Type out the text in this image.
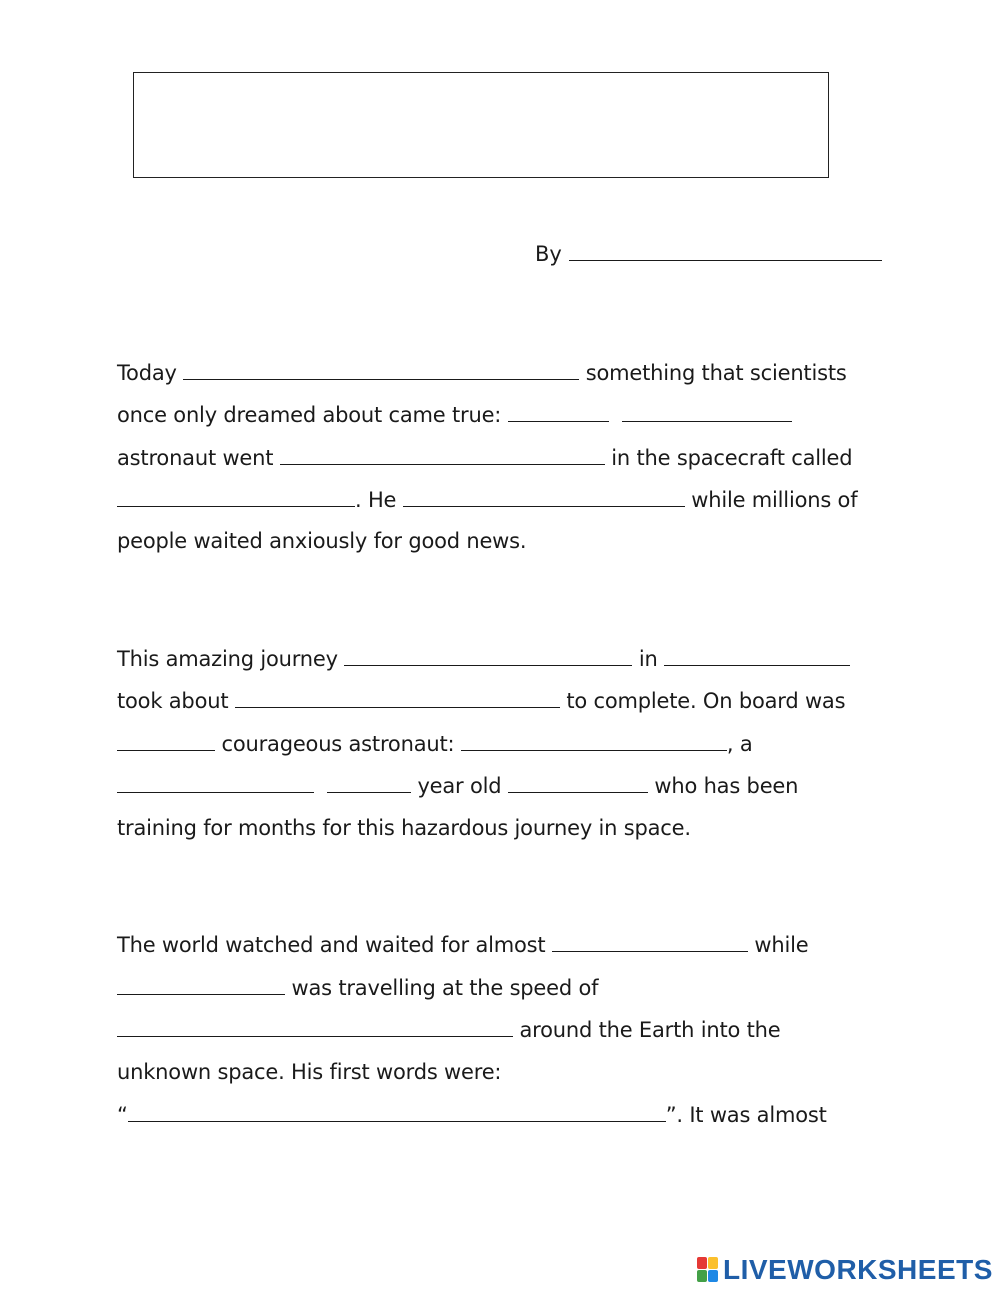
By
Today	something that scientists
once only dreamed about came true:
astronaut went	in the spacecraft called
. He	while millions of
people waited anxiously for good news.
This amazing journey	in
took about	to complete. On board was
courageous astronaut:	, a
year old	who has been
training for months for this hazardous journey in space.
The world watched and waited for almost	while
was travelling at the speed of
around the Earth into the
unknown space. His first words were:
“	”. It was almost
LIVEWORKSHEETS
